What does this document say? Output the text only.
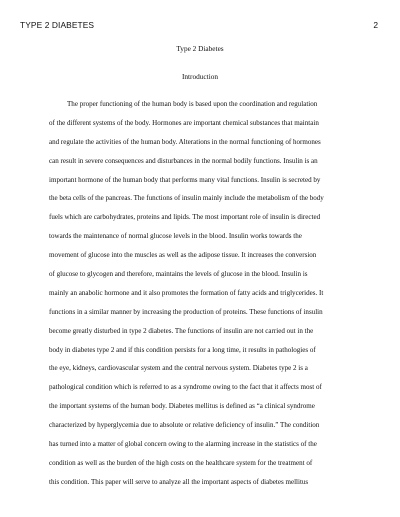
TYPE 2 DIABETES	2
Type 2 Diabetes
Introduction
The proper functioning of the human body is based upon the coordination and regulation
of the different systems of the body. Hormones are important chemical substances that maintain
and regulate the activities of the human body. Alterations in the normal functioning of hormones
can result in severe consequences and disturbances in the normal bodily functions. Insulin is an
important hormone of the human body that performs many vital functions. Insulin is secreted by
the beta cells of the pancreas. The functions of insulin mainly include the metabolism of the body
fuels which are carbohydrates, proteins and lipids. The most important role of insulin is directed
towards the maintenance of normal glucose levels in the blood. Insulin works towards the
movement of glucose into the muscles as well as the adipose tissue. It increases the conversion
of glucose to glycogen and therefore, maintains the levels of glucose in the blood. Insulin is
mainly an anabolic hormone and it also promotes the formation of fatty acids and triglycerides. It
functions in a similar manner by increasing the production of proteins. These functions of insulin
become greatly disturbed in type 2 diabetes. The functions of insulin are not carried out in the
body in diabetes type 2 and if this condition persists for a long time, it results in pathologies of
the eye, kidneys, cardiovascular system and the central nervous system. Diabetes type 2 is a
pathological condition which is referred to as a syndrome owing to the fact that it affects most of
the important systems of the human body. Diabetes mellitus is defined as “a clinical syndrome
characterized by hyperglycemia due to absolute or relative deficiency of insulin.” The condition
has turned into a matter of global concern owing to the alarming increase in the statistics of the
condition as well as the burden of the high costs on the healthcare system for the treatment of
this condition. This paper will serve to analyze all the important aspects of diabetes mellitus
